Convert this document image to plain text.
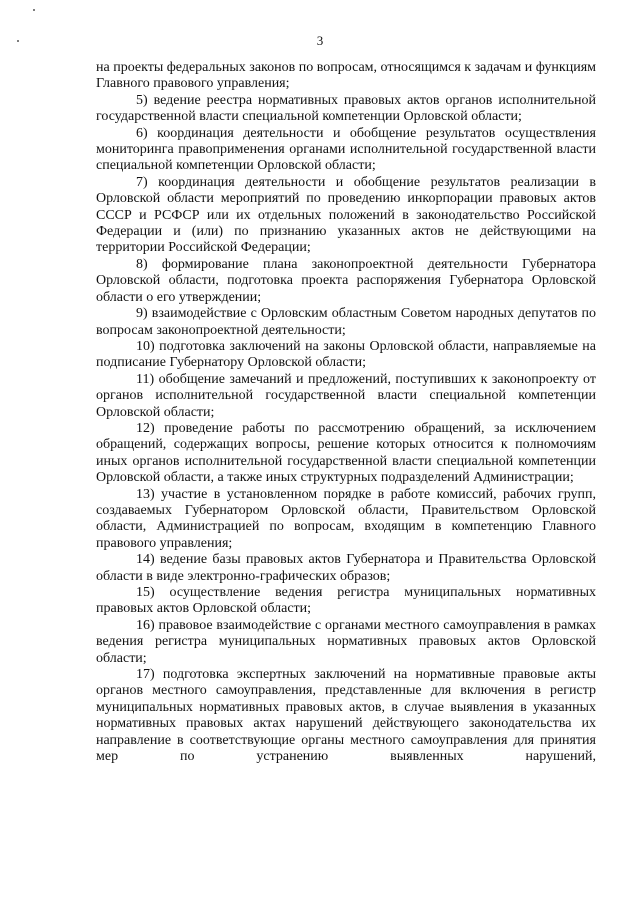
3

на проекты федеральных законов по вопросам, относящимся к задачам и функциям Главного правового управления;

5) ведение реестра нормативных правовых актов органов исполнительной государственной власти специальной компетенции Орловской области;

6) координация деятельности и обобщение результатов осуществления мониторинга правоприменения органами исполнительной государственной власти специальной компетенции Орловской области;

7) координация деятельности и обобщение результатов реализации в Орловской области мероприятий по проведению инкорпорации правовых актов СССР и РСФСР или их отдельных положений в законодательство Российской Федерации и (или) по признанию указанных актов не действующими на территории Российской Федерации;

8) формирование плана законопроектной деятельности Губернатора Орловской области, подготовка проекта распоряжения Губернатора Орловской области о его утверждении;

9) взаимодействие с Орловским областным Советом народных депутатов по вопросам законопроектной деятельности;

10) подготовка заключений на законы Орловской области, направляемые на подписание Губернатору Орловской области;

11) обобщение замечаний и предложений, поступивших к законопроекту от органов исполнительной государственной власти специальной компетенции Орловской области;

12) проведение работы по рассмотрению обращений, за исключением обращений, содержащих вопросы, решение которых относится к полномочиям иных органов исполнительной государственной власти специальной компетенции Орловской области, а также иных структурных подразделений Администрации;

13) участие в установленном порядке в работе комиссий, рабочих групп, создаваемых Губернатором Орловской области, Правительством Орловской области, Администрацией по вопросам, входящим в компетенцию Главного правового управления;

14) ведение базы правовых актов Губернатора и Правительства Орловской области в виде электронно-графических образов;

15) осуществление ведения регистра муниципальных нормативных правовых актов Орловской области;

16) правовое взаимодействие с органами местного самоуправления в рамках ведения регистра муниципальных нормативных правовых актов Орловской области;

17) подготовка экспертных заключений на нормативные правовые акты органов местного самоуправления, представленные для включения в регистр муниципальных нормативных правовых актов, в случае выявления в указанных нормативных правовых актах нарушений действующего законодательства их направление в соответствующие органы местного самоуправления для принятия мер по устранению выявленных нарушений,
